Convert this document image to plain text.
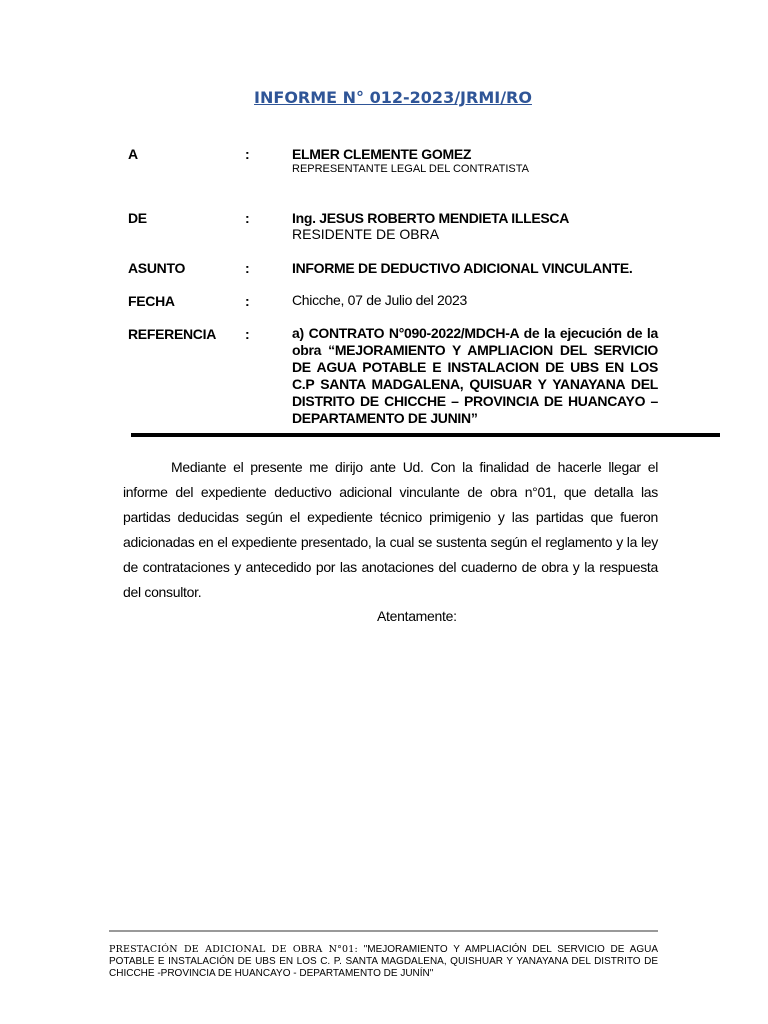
INFORME N° 012-2023/JRMI/RO
A	:	ELMER CLEMENTE GOMEZ
REPRESENTANTE LEGAL DEL CONTRATISTA
DE	:	Ing. JESUS ROBERTO MENDIETA ILLESCA
RESIDENTE DE OBRA
ASUNTO	:	INFORME DE DEDUCTIVO ADICIONAL VINCULANTE.
FECHA	:	Chicche, 07 de Julio del 2023
REFERENCIA :	a) CONTRATO N°090-2022/MDCH-A de la ejecución de la obra “MEJORAMIENTO Y AMPLIACION DEL SERVICIO DE AGUA POTABLE E INSTALACION DE UBS EN LOS C.P SANTA MADGALENA, QUISUAR Y YANAYANA DEL DISTRITO DE CHICCHE – PROVINCIA DE HUANCAYO – DEPARTAMENTO DE JUNIN”
Mediante el presente me dirijo ante Ud. Con la finalidad de hacerle llegar el informe del expediente deductivo adicional vinculante de obra n°01, que detalla las partidas deducidas según el expediente técnico primigenio y las partidas que fueron adicionadas en el expediente presentado, la cual se sustenta según el reglamento y la ley de contrataciones y antecedido por las anotaciones del cuaderno de obra y la respuesta del consultor.
Atentamente:
PRESTACIÓN DE ADICIONAL DE OBRA N°01: "MEJORAMIENTO Y AMPLIACIÓN DEL SERVICIO DE AGUA POTABLE E INSTALACIÓN DE UBS EN LOS C. P. SANTA MAGDALENA, QUISHUAR Y YANAYANA DEL DISTRITO DE CHICCHE -PROVINCIA DE HUANCAYO - DEPARTAMENTO DE JUNÍN"
